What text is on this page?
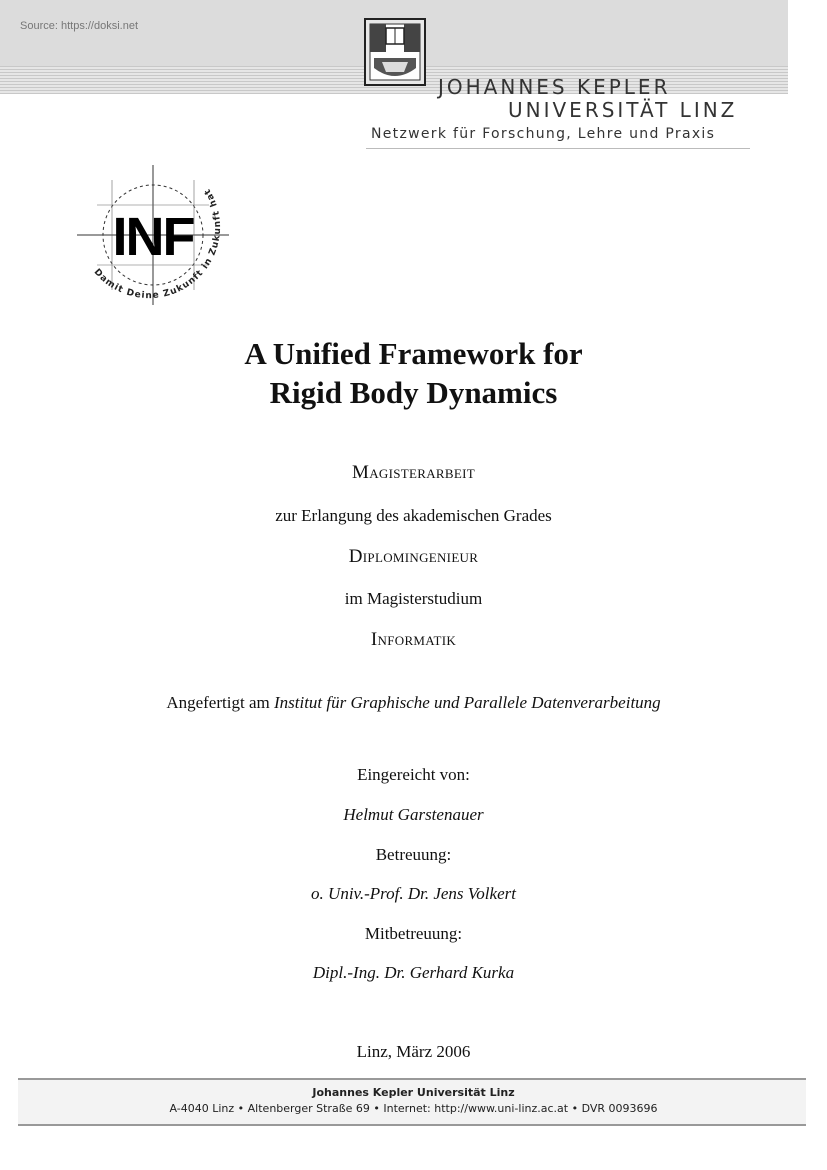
Source: https://doksi.net
JOHANNES KEPLER
UNIVERSITÄT LINZ
Netzwerk für Forschung, Lehre und Praxis
INF
Damit Deine Zukunft in Zukunft hat
A Unified Framework for
Rigid Body Dynamics
Magisterarbeit
zur Erlangung des akademischen Grades
Diplomingenieur
im Magisterstudium
Informatik
Angefertigt am Institut für Graphische und Parallele Datenverarbeitung
Eingereicht von:
Helmut Garstenauer
Betreuung:
o. Univ.-Prof. Dr. Jens Volkert
Mitbetreuung:
Dipl.-Ing. Dr. Gerhard Kurka
Linz, März 2006
Johannes Kepler Universität Linz
A-4040 Linz • Altenberger Straße 69 • Internet: http://www.uni-linz.ac.at • DVR 0093696
